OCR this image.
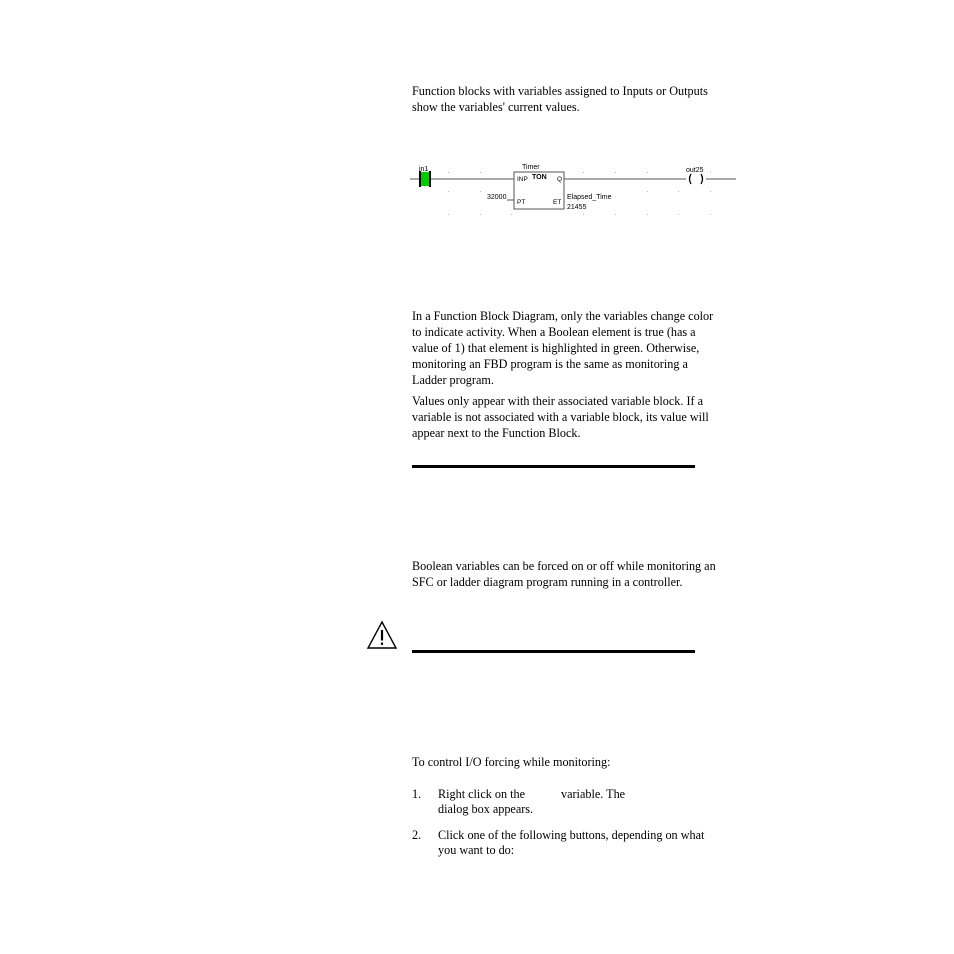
Function blocks with variables assigned to Inputs or Outputs
show the variables' current values.

in1	Timer
TON
INP	Q
PT	ET
32000	Elapsed_Time
21455
out25

In a Function Block Diagram, only the variables change color
to indicate activity. When a Boolean element is true (has a
value of 1) that element is highlighted in green. Otherwise,
monitoring an FBD program is the same as monitoring a
Ladder program.

Values only appear with their associated variable block. If a
variable is not associated with a variable block, its value will
appear next to the Function Block.

Boolean variables can be forced on or off while monitoring an
SFC or ladder diagram program running in a controller.

To control I/O forcing while monitoring:

1. Right click on the	variable. The
dialog box appears.
2. Click one of the following buttons, depending on what
you want to do:
